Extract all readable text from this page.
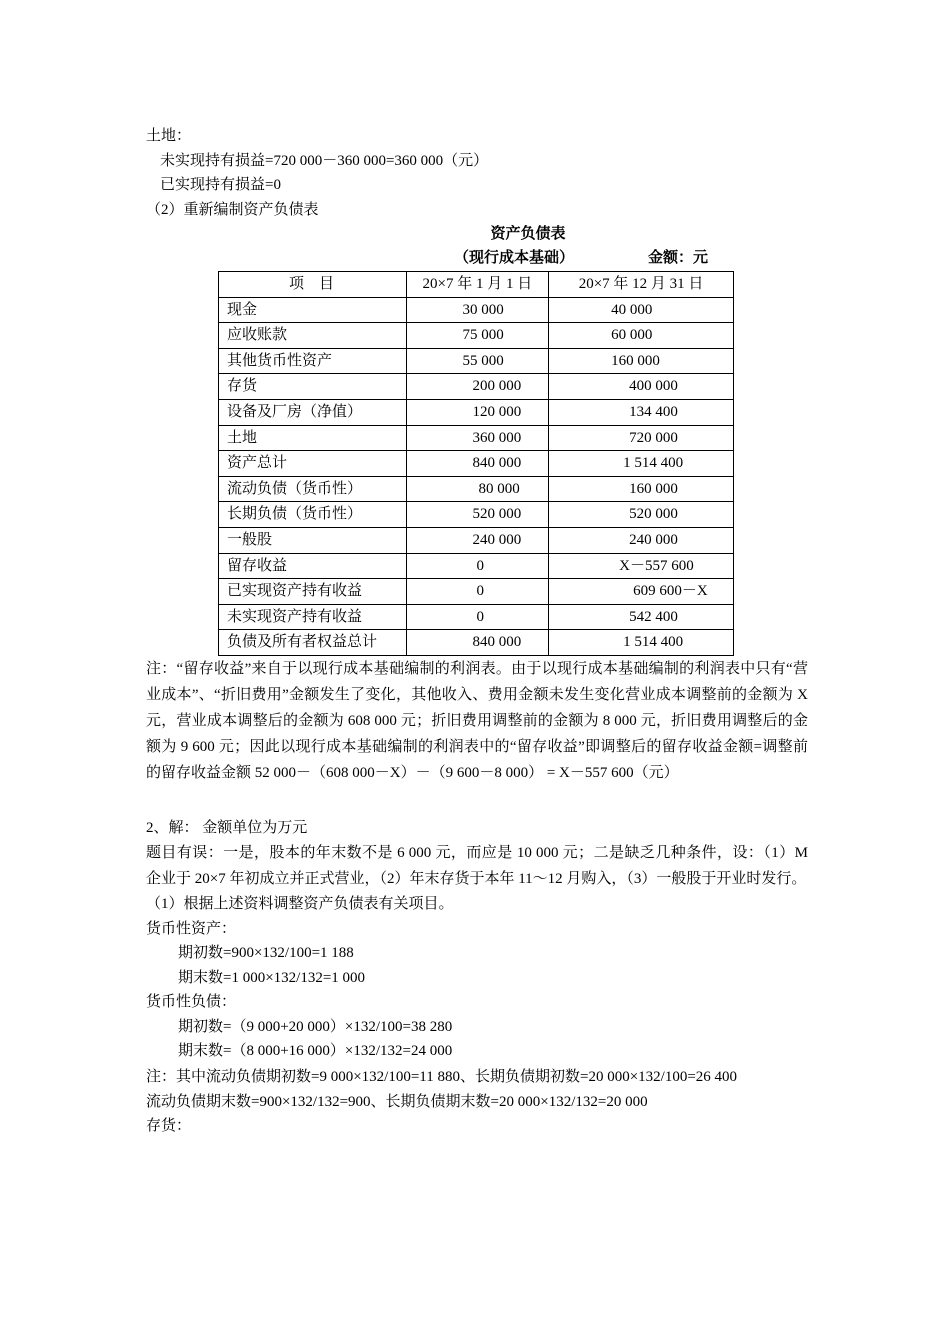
土地：
未实现持有损益=720 000－360 000=360 000（元）
已实现持有损益=0
（2）重新编制资产负债表
资产负债表
（现行成本基础）	金额：元
项　目	20×7 年 1 月 1 日	20×7 年 12 月 31 日
现金	30 000	40 000
应收账款	75 000	60 000
其他货币性资产	55 000	160 000
存货	200 000	400 000
设备及厂房（净值）	120 000	134 400
土地	360 000	720 000
资产总计	840 000	1 514 400
流动负债（货币性）	80 000	160 000
长期负债（货币性）	520 000	520 000
一般股	240 000	240 000
留存收益	0	X－557 600
已实现资产持有收益	0	609 600－X
未实现资产持有收益	0	542 400
负债及所有者权益总计	840 000	1 514 400
注：“留存收益”来自于以现行成本基础编制的利润表。由于以现行成本基础编制的利润表中只有“营业成本”、“折旧费用”金额发生了变化，其他收入、费用金额未发生变化营业成本调整前的金额为 X 元，营业成本调整后的金额为 608 000 元；折旧费用调整前的金额为 8 000 元，折旧费用调整后的金额为 9 600 元；因此以现行成本基础编制的利润表中的“留存收益”即调整后的留存收益金额=调整前的留存收益金额 52 000－（608 000－X）－（9 600－8 000） = X－557 600（元）
2、解： 金额单位为万元
题目有误：一是，股本的年末数不是 6 000 元，而应是 10 000 元；二是缺乏几种条件，设：（1）M 企业于 20×7 年初成立并正式营业，（2）年末存货于本年 11～12 月购入，（3）一般股于开业时发行。
（1）根据上述资料调整资产负债表有关项目。
货币性资产：
期初数=900×132/100=1 188
期末数=1 000×132/132=1 000
货币性负债：
期初数=（9 000+20 000）×132/100=38 280
期末数=（8 000+16 000）×132/132=24 000
注：其中流动负债期初数=9 000×132/100=11 880、长期负债期初数=20 000×132/100=26 400
流动负债期末数=900×132/132=900、长期负债期末数=20 000×132/132=20 000
存货：
